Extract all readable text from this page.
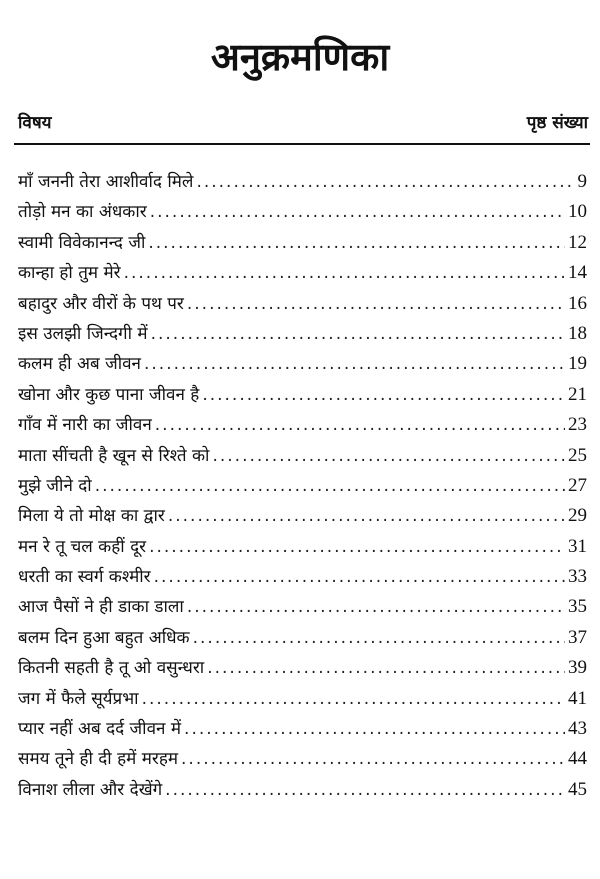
अनुक्रमणिका
विषय	पृष्ठ संख्या
माँ जननी तेरा आशीर्वाद मिले .....	9
तोड़ो मन का अंधकार .....	10
स्वामी विवेकानन्द जी .....	12
कान्हा हो तुम मेरे .....	14
बहादुर और वीरों के पथ पर .....	16
इस उलझी जिन्दगी में .....	18
कलम ही अब जीवन .....	19
खोना और कुछ पाना जीवन है .....	21
गाँव में नारी का जीवन .....	23
माता सींचती है खून से रिश्ते को .....	25
मुझे जीने दो .....	27
मिला ये तो मोक्ष का द्वार .....	29
मन रे तू चल कहीं दूर .....	31
धरती का स्वर्ग कश्मीर .....	33
आज पैसों ने ही डाका डाला .....	35
बलम दिन हुआ बहुत अधिक .....	37
कितनी सहती है तू ओ वसुन्धरा .....	39
जग में फैले सूर्यप्रभा .....	41
प्यार नहीं अब दर्द जीवन में .....	43
समय तूने ही दी हमें मरहम .....	44
विनाश लीला और देखेंगे .....	45
